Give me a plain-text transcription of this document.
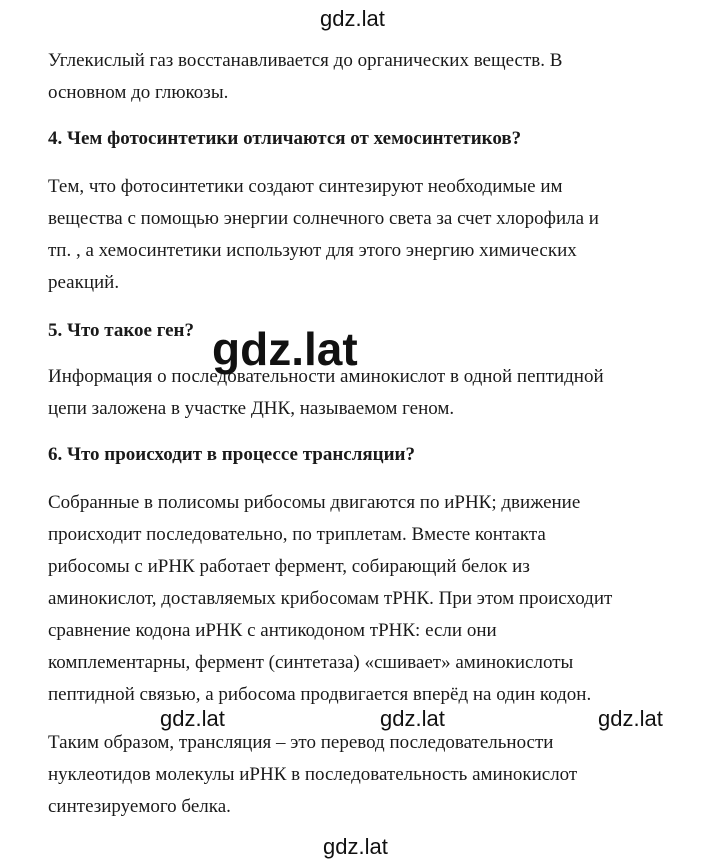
gdz.lat
Углекислый газ восстанавливается до органических веществ. В
основном до глюкозы.
4. Чем фотосинтетики отличаются от хемосинтетиков?
Тем, что фотосинтетики создают синтезируют необходимые им
вещества с помощью энергии солнечного света за счет хлорофила и
тп. , а хемосинтетики используют для этого энергию химических
реакций.
5. Что такое ген?
Информация о последовательности аминокислот в одной пептидной
цепи заложена в участке ДНК, называемом геном.
6. Что происходит в процессе трансляции?
Собранные в полисомы рибосомы двигаются по иРНК; движение
происходит последовательно, по триплетам. Вместе контакта
рибосомы с иРНК работает фермент, собирающий белок из
аминокислот, доставляемых крибосомам тРНК. При этом происходит
сравнение кодона иРНК с антикодоном тРНК: если они
комплементарны, фермент (синтетаза) «сшивает» аминокислоты
пептидной связью, а рибосома продвигается вперёд на один кодон.
Таким образом, трансляция – это перевод последовательности
нуклеотидов молекулы иРНК в последовательность аминокислот
синтезируемого белка.
gdz.lat
gdz.lat	gdz.lat	gdz.lat
gdz.lat
